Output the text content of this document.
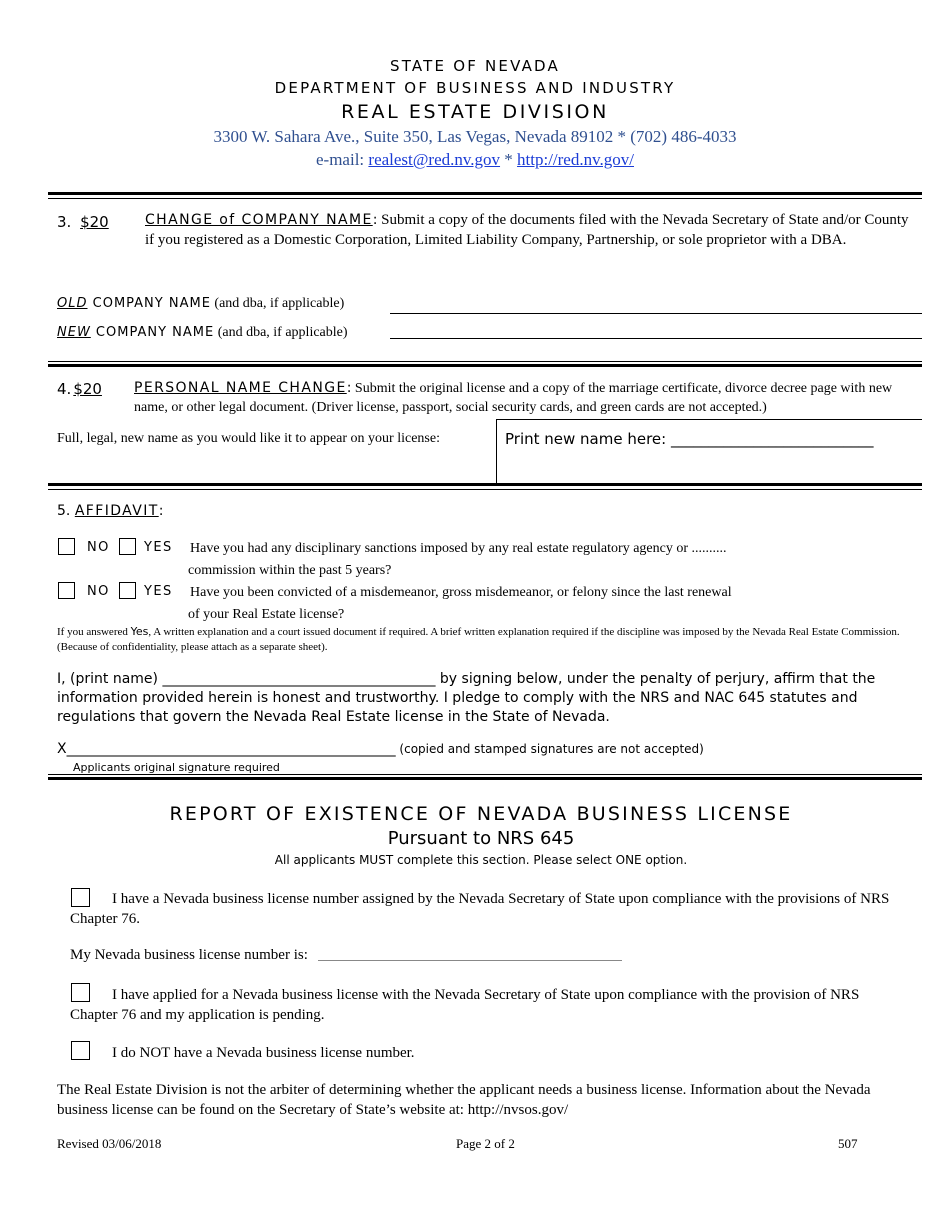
STATE OF NEVADA
DEPARTMENT OF BUSINESS AND INDUSTRY
REAL ESTATE DIVISION
3300 W. Sahara Ave., Suite 350, Las Vegas, Nevada 89102 * (702) 486-4033
e-mail: realest@red.nv.gov * http://red.nv.gov/
3. $20	CHANGE of COMPANY NAME: Submit a copy of the documents filed with the Nevada Secretary of State and/or County if you registered as a Domestic Corporation, Limited Liability Company, Partnership, or sole proprietor with a DBA.
OLD COMPANY NAME (and dba, if applicable)
NEW COMPANY NAME (and dba, if applicable)
4. $20 PERSONAL NAME CHANGE: Submit the original license and a copy of the marriage certificate, divorce decree page with new name, or other legal document. (Driver license, passport, social security cards, and green cards are not accepted.)
Full, legal, new name as you would like it to appear on your license:	Print new name here: ___________________________
5. AFFIDAVIT:
NO	YES Have you had any disciplinary sanctions imposed by any real estate regulatory agency or ..........
commission within the past 5 years?
NO	YES Have you been convicted of a misdemeanor, gross misdemeanor, or felony since the last renewal
of your Real Estate license?
If you answered Yes, A written explanation and a court issued document if required. A brief written explanation required if the discipline was imposed by the Nevada Real Estate Commission. (Because of confidentiality, please attach as a separate sheet).
I, (print name) _______________________________________ by signing below, under the penalty of perjury, affirm that the information provided herein is honest and trustworthy. I pledge to comply with the NRS and NAC 645 statutes and regulations that govern the Nevada Real Estate license in the State of Nevada.
X_______________________________________________ (copied and stamped signatures are not accepted)
Applicants original signature required
REPORT OF EXISTENCE OF NEVADA BUSINESS LICENSE
Pursuant to NRS 645
All applicants MUST complete this section. Please select ONE option.
I have a Nevada business license number assigned by the Nevada Secretary of State upon compliance with the provisions of NRS Chapter 76.
My Nevada business license number is:
I have applied for a Nevada business license with the Nevada Secretary of State upon compliance with the provision of NRS Chapter 76 and my application is pending.
I do NOT have a Nevada business license number.
The Real Estate Division is not the arbiter of determining whether the applicant needs a business license. Information about the Nevada business license can be found on the Secretary of State’s website at: http://nvsos.gov/
Revised 03/06/2018	Page 2 of 2	507
